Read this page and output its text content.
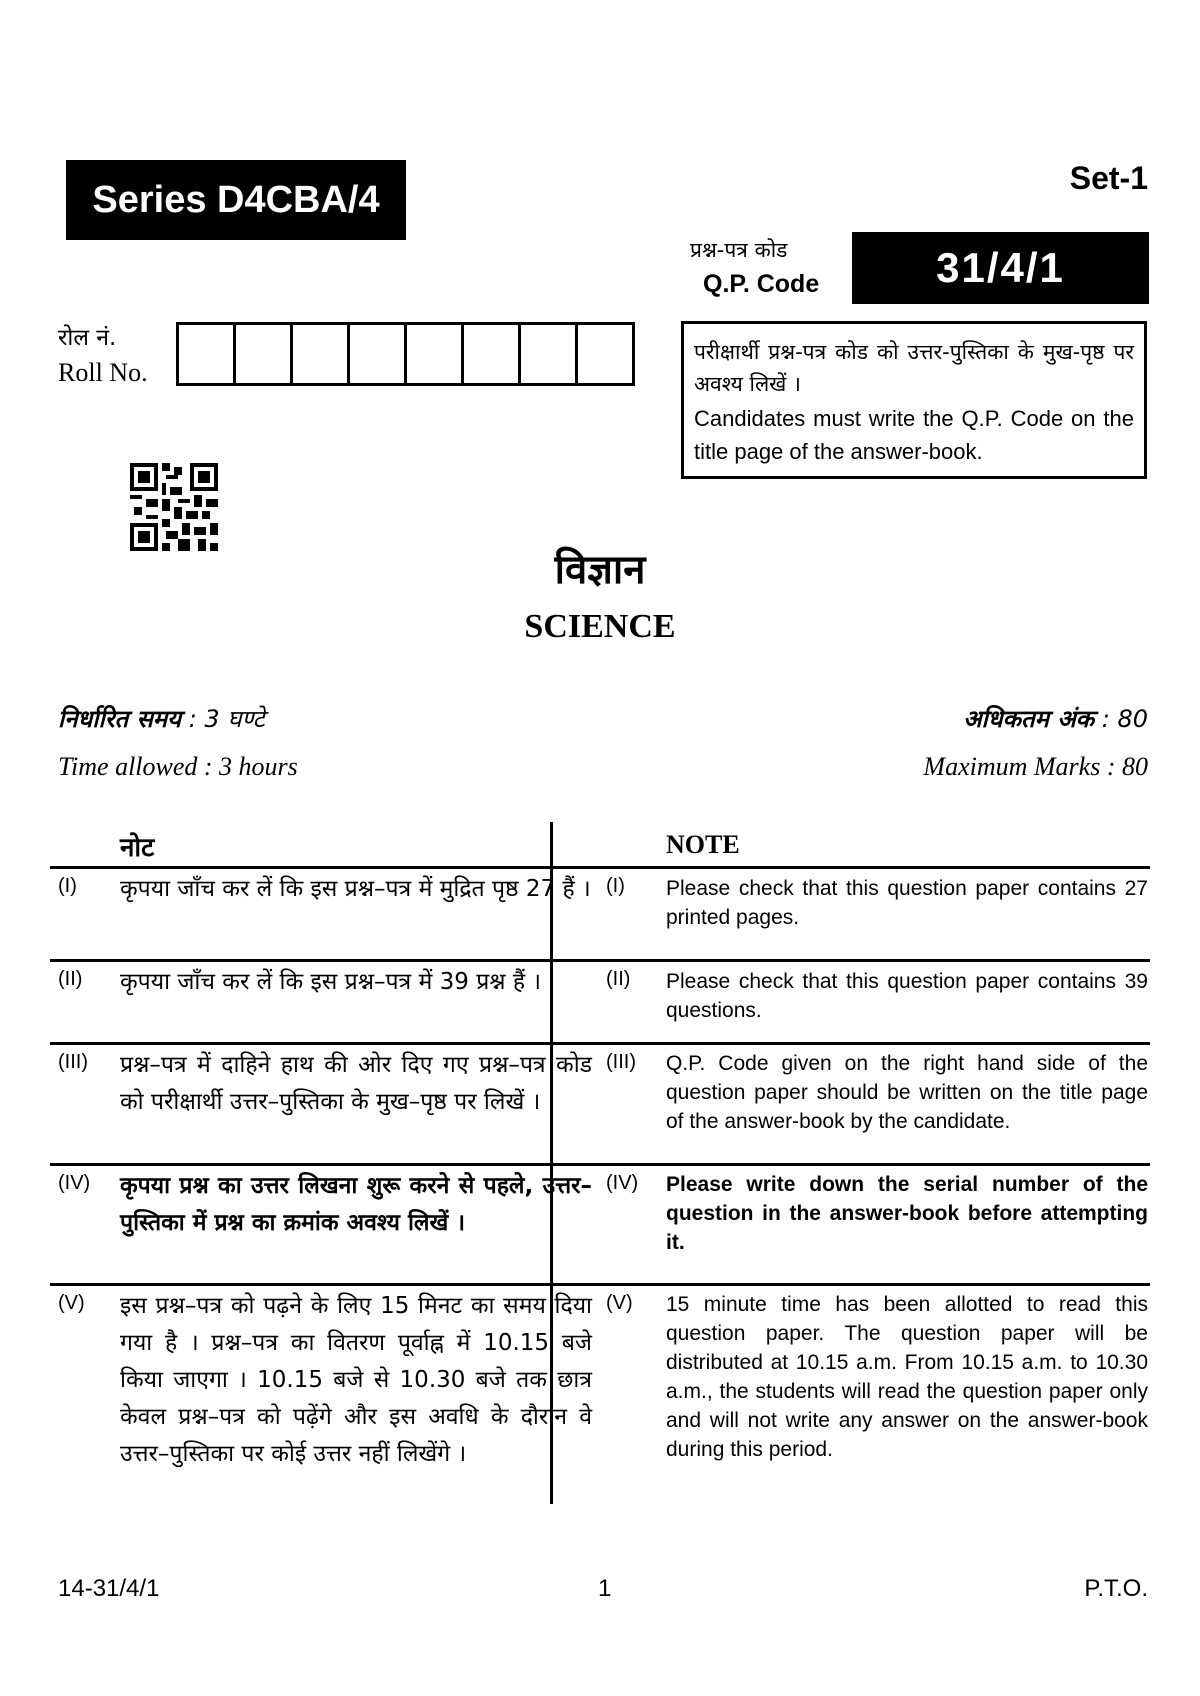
Series D4CBA/4
Set-1
प्रश्न-पत्र कोड
Q.P. Code	31/4/1
रोल नं.
Roll No.
परीक्षार्थी प्रश्न-पत्र कोड को उत्तर-पुस्तिका के मुख-पृष्ठ पर अवश्य लिखें ।
Candidates must write the Q.P. Code on the title page of the answer-book.
विज्ञान
SCIENCE
निर्धारित समय : 3 घण्टे	अधिकतम अंक : 80
Time allowed : 3 hours	Maximum Marks : 80
नोट	NOTE
(I) कृपया जाँच कर लें कि इस प्रश्न–पत्र में मुद्रित पृष्ठ 27 हैं । (I) Please check that this question paper contains 27 printed pages.
(II) कृपया जाँच कर लें कि इस प्रश्न–पत्र में 39 प्रश्न हैं ।	(II) Please check that this question paper contains 39 questions.
(III) प्रश्न–पत्र में दाहिने हाथ की ओर दिए गए प्रश्न–पत्र कोड को परीक्षार्थी उत्तर–पुस्तिका के मुख–पृष्ठ पर लिखें ।
(III) Q.P. Code given on the right hand side of the question paper should be written on the title page of the answer-book by the candidate.
(IV) कृपया प्रश्न का उत्तर लिखना शुरू करने से पहले, उत्तर–पुस्तिका में प्रश्न का क्रमांक अवश्य लिखें ।
(IV) Please write down the serial number of the question in the answer-book before attempting it.
(V) इस प्रश्न–पत्र को पढ़ने के लिए 15 मिनट का समय दिया गया है । प्रश्न–पत्र का वितरण पूर्वाह्न में 10.15 बजे किया जाएगा । 10.15 बजे से 10.30 बजे तक छात्र केवल प्रश्न–पत्र को पढ़ेंगे और इस अवधि के दौरान वे उत्तर–पुस्तिका पर कोई उत्तर नहीं लिखेंगे ।
(V) 15 minute time has been allotted to read this question paper. The question paper will be distributed at 10.15 a.m. From 10.15 a.m. to 10.30 a.m., the students will read the question paper only and will not write any answer on the answer-book during this period.
14-31/4/1	1	P.T.O.
